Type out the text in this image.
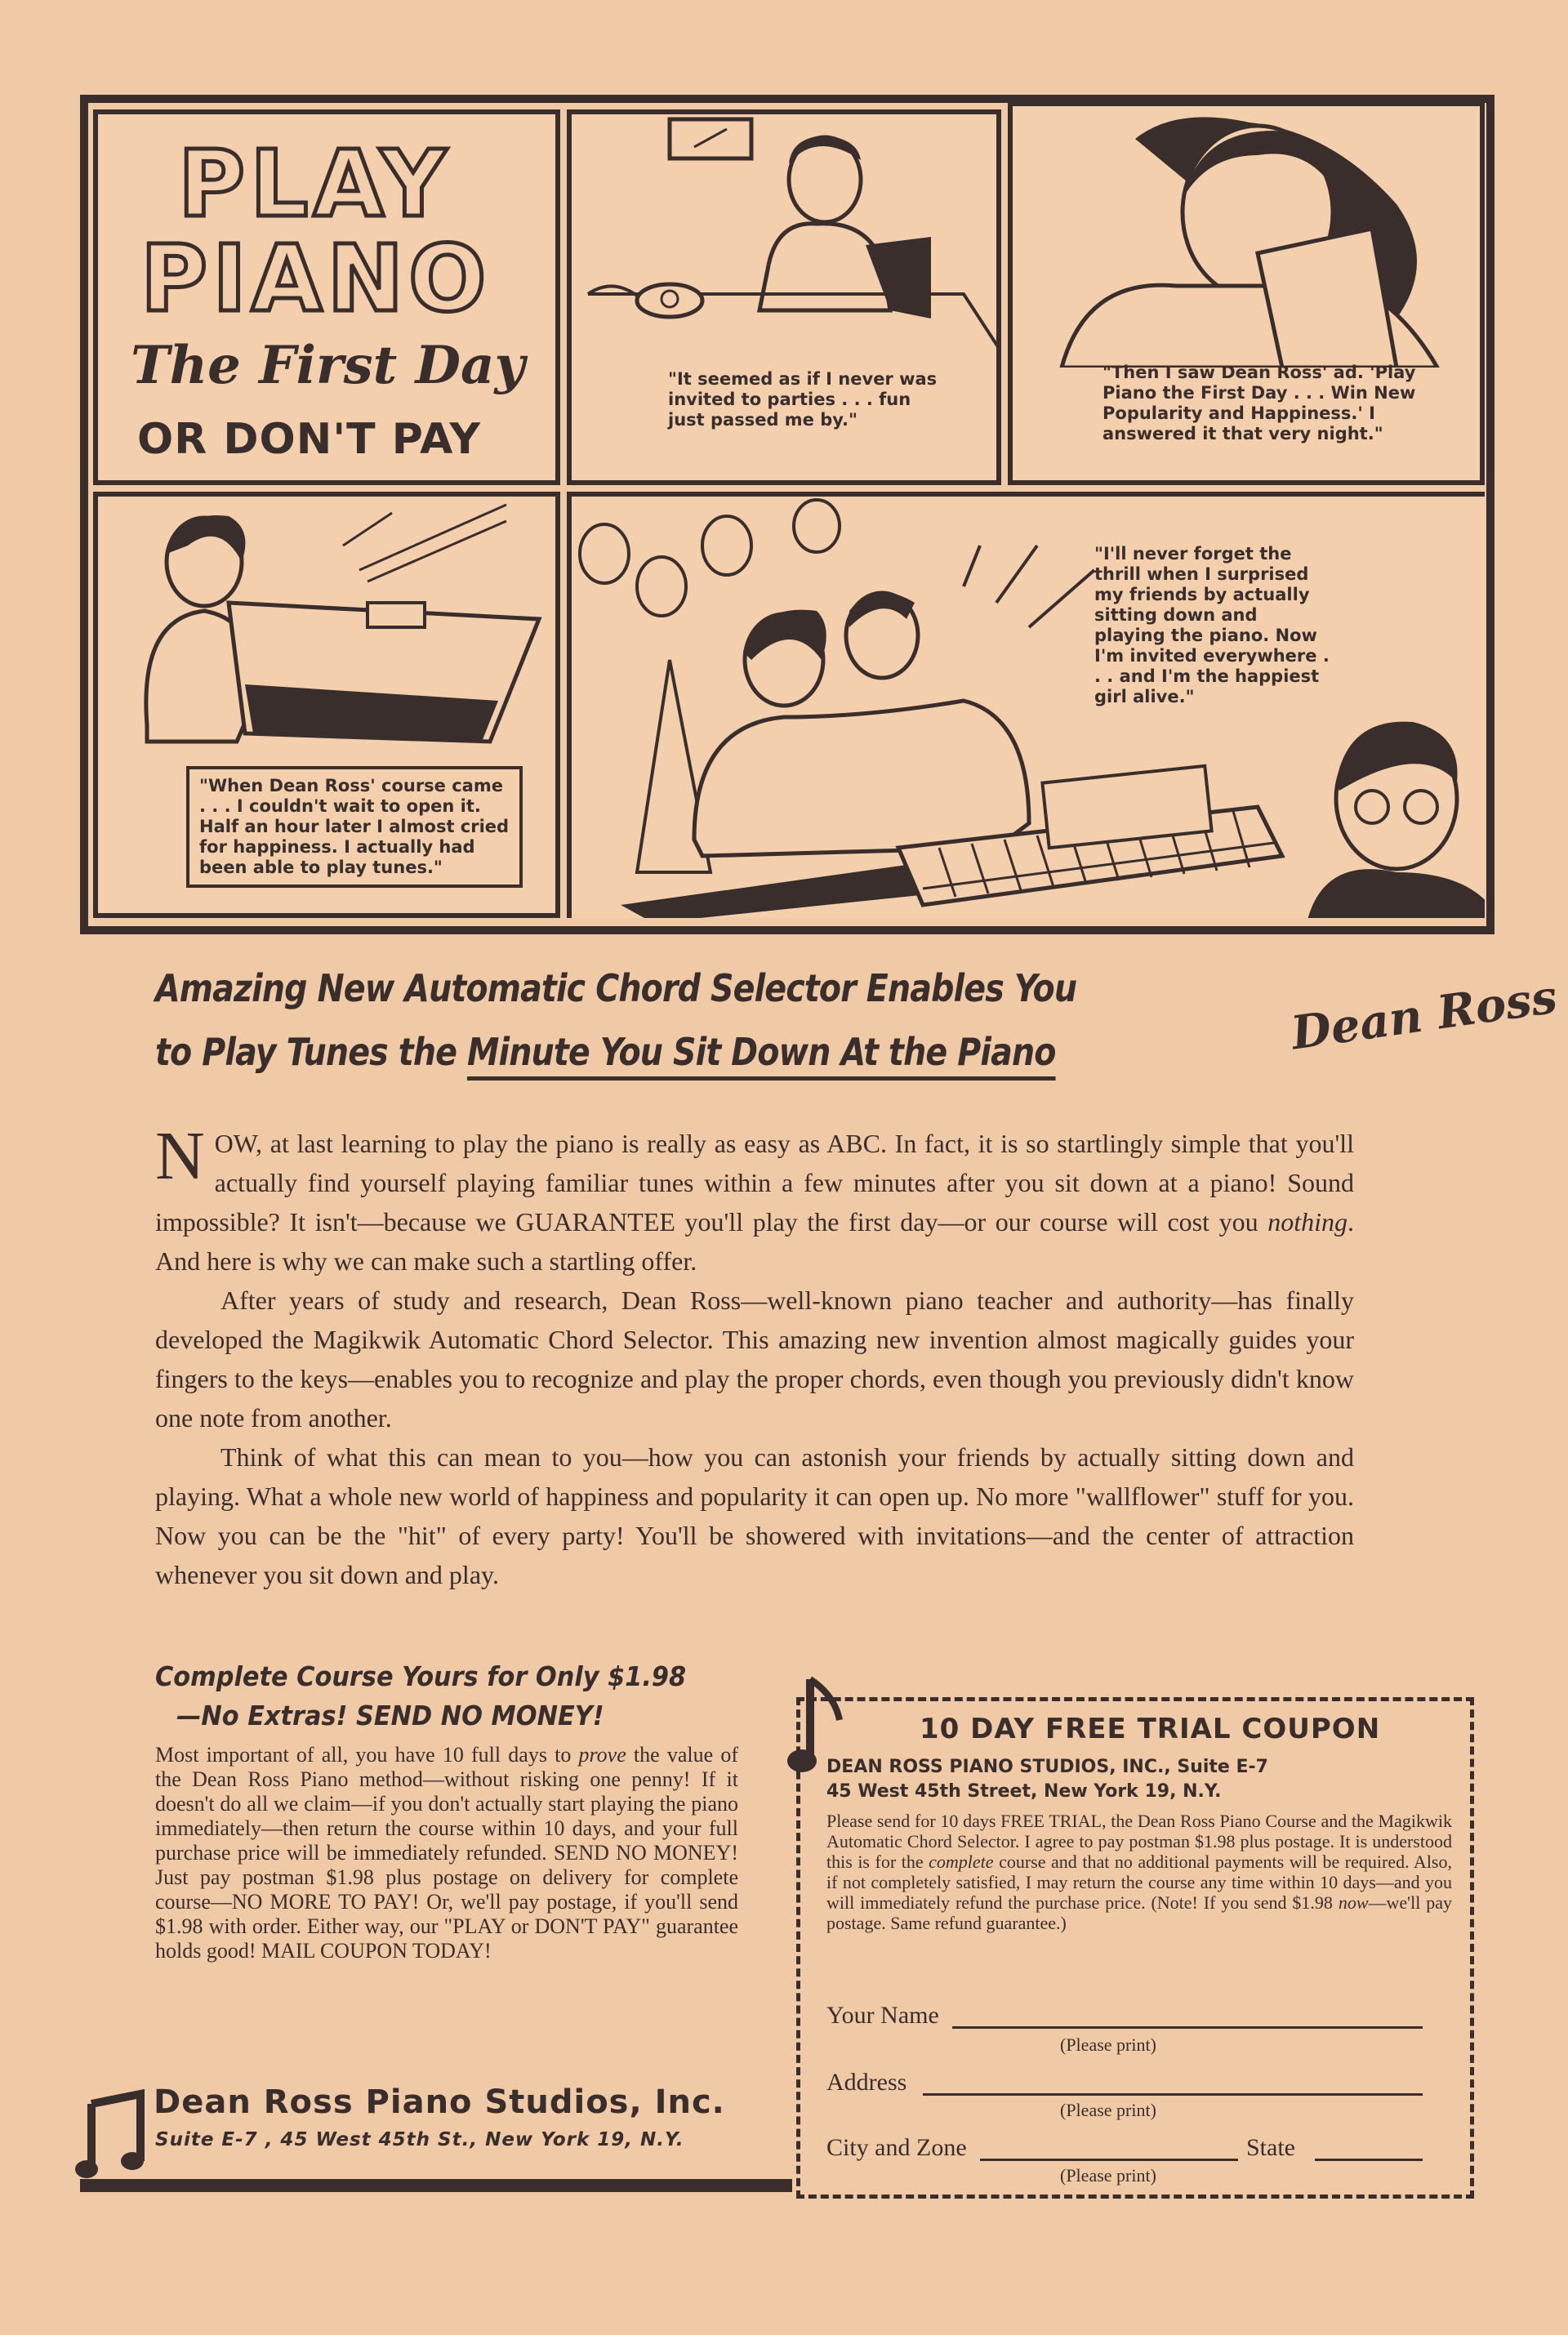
PLAY
PIANO
The First Day
OR DON'T PAY
"It seemed as if I never was invited to parties . . . fun just passed me by."
"Then I saw Dean Ross' ad. 'Play Piano the First Day . . . Win New Popularity and Happiness.' I answered it that very night."
"When Dean Ross' course came . . . I couldn't wait to open it. Half an hour later I almost cried for happiness. I actually had been able to play tunes."
"I'll never forget the thrill when I surprised my friends by actually sitting down and playing the piano. Now I'm invited everywhere . . . and I'm the happiest girl alive."
Dean Ross
Amazing New Automatic Chord Selector Enables You
to Play Tunes the Minute You Sit Down At the Piano

NOW, at last learning to play the piano is really as easy as ABC. In fact, it is so startlingly simple that you'll actually find yourself playing familiar tunes within a few minutes after you sit down at a piano! Sound impossible? It isn't—because we GUARANTEE you'll play the first day—or our course will cost you nothing. And here is why we can make such a startling offer.

After years of study and research, Dean Ross—well-known piano teacher and authority—has finally developed the Magikwik Automatic Chord Selector. This amazing new invention almost magically guides your fingers to the keys—enables you to recognize and play the proper chords, even though you previously didn't know one note from another.

Think of what this can mean to you—how you can astonish your friends by actually sitting down and playing. What a whole new world of happiness and popularity it can open up. No more "wallflower" stuff for you. Now you can be the "hit" of every party! You'll be showered with invitations—and the center of attraction whenever you sit down and play.

Complete Course Yours for Only $1.98
—No Extras! SEND NO MONEY!
Most important of all, you have 10 full days to prove the value of the Dean Ross Piano method—without risking one penny! If it doesn't do all we claim—if you don't actually start playing the piano immediately—then return the course within 10 days, and your full purchase price will be immediately refunded. SEND NO MONEY! Just pay postman $1.98 plus postage on delivery for complete course—NO MORE TO PAY! Or, we'll pay postage, if you'll send $1.98 with order. Either way, our "PLAY or DON'T PAY" guarantee holds good! MAIL COUPON TODAY!
Dean Ross Piano Studios, Inc.
Suite E-7 , 45 West 45th St., New York 19, N.Y.
10 DAY FREE TRIAL COUPON
DEAN ROSS PIANO STUDIOS, INC., Suite E-7
45 West 45th Street, New York 19, N.Y.
Please send for 10 days FREE TRIAL, the Dean Ross Piano Course and the Magikwik Automatic Chord Selector. I agree to pay postman $1.98 plus postage. It is understood this is for the complete course and that no additional payments will be required. Also, if not completely satisfied, I may return the course any time within 10 days—and you will immediately refund the purchase price. (Note! If you send $1.98 now—we'll pay postage. Same refund guarantee.)
Your Name
(Please print)
Address
(Please print)
City and Zone	State
(Please print)
